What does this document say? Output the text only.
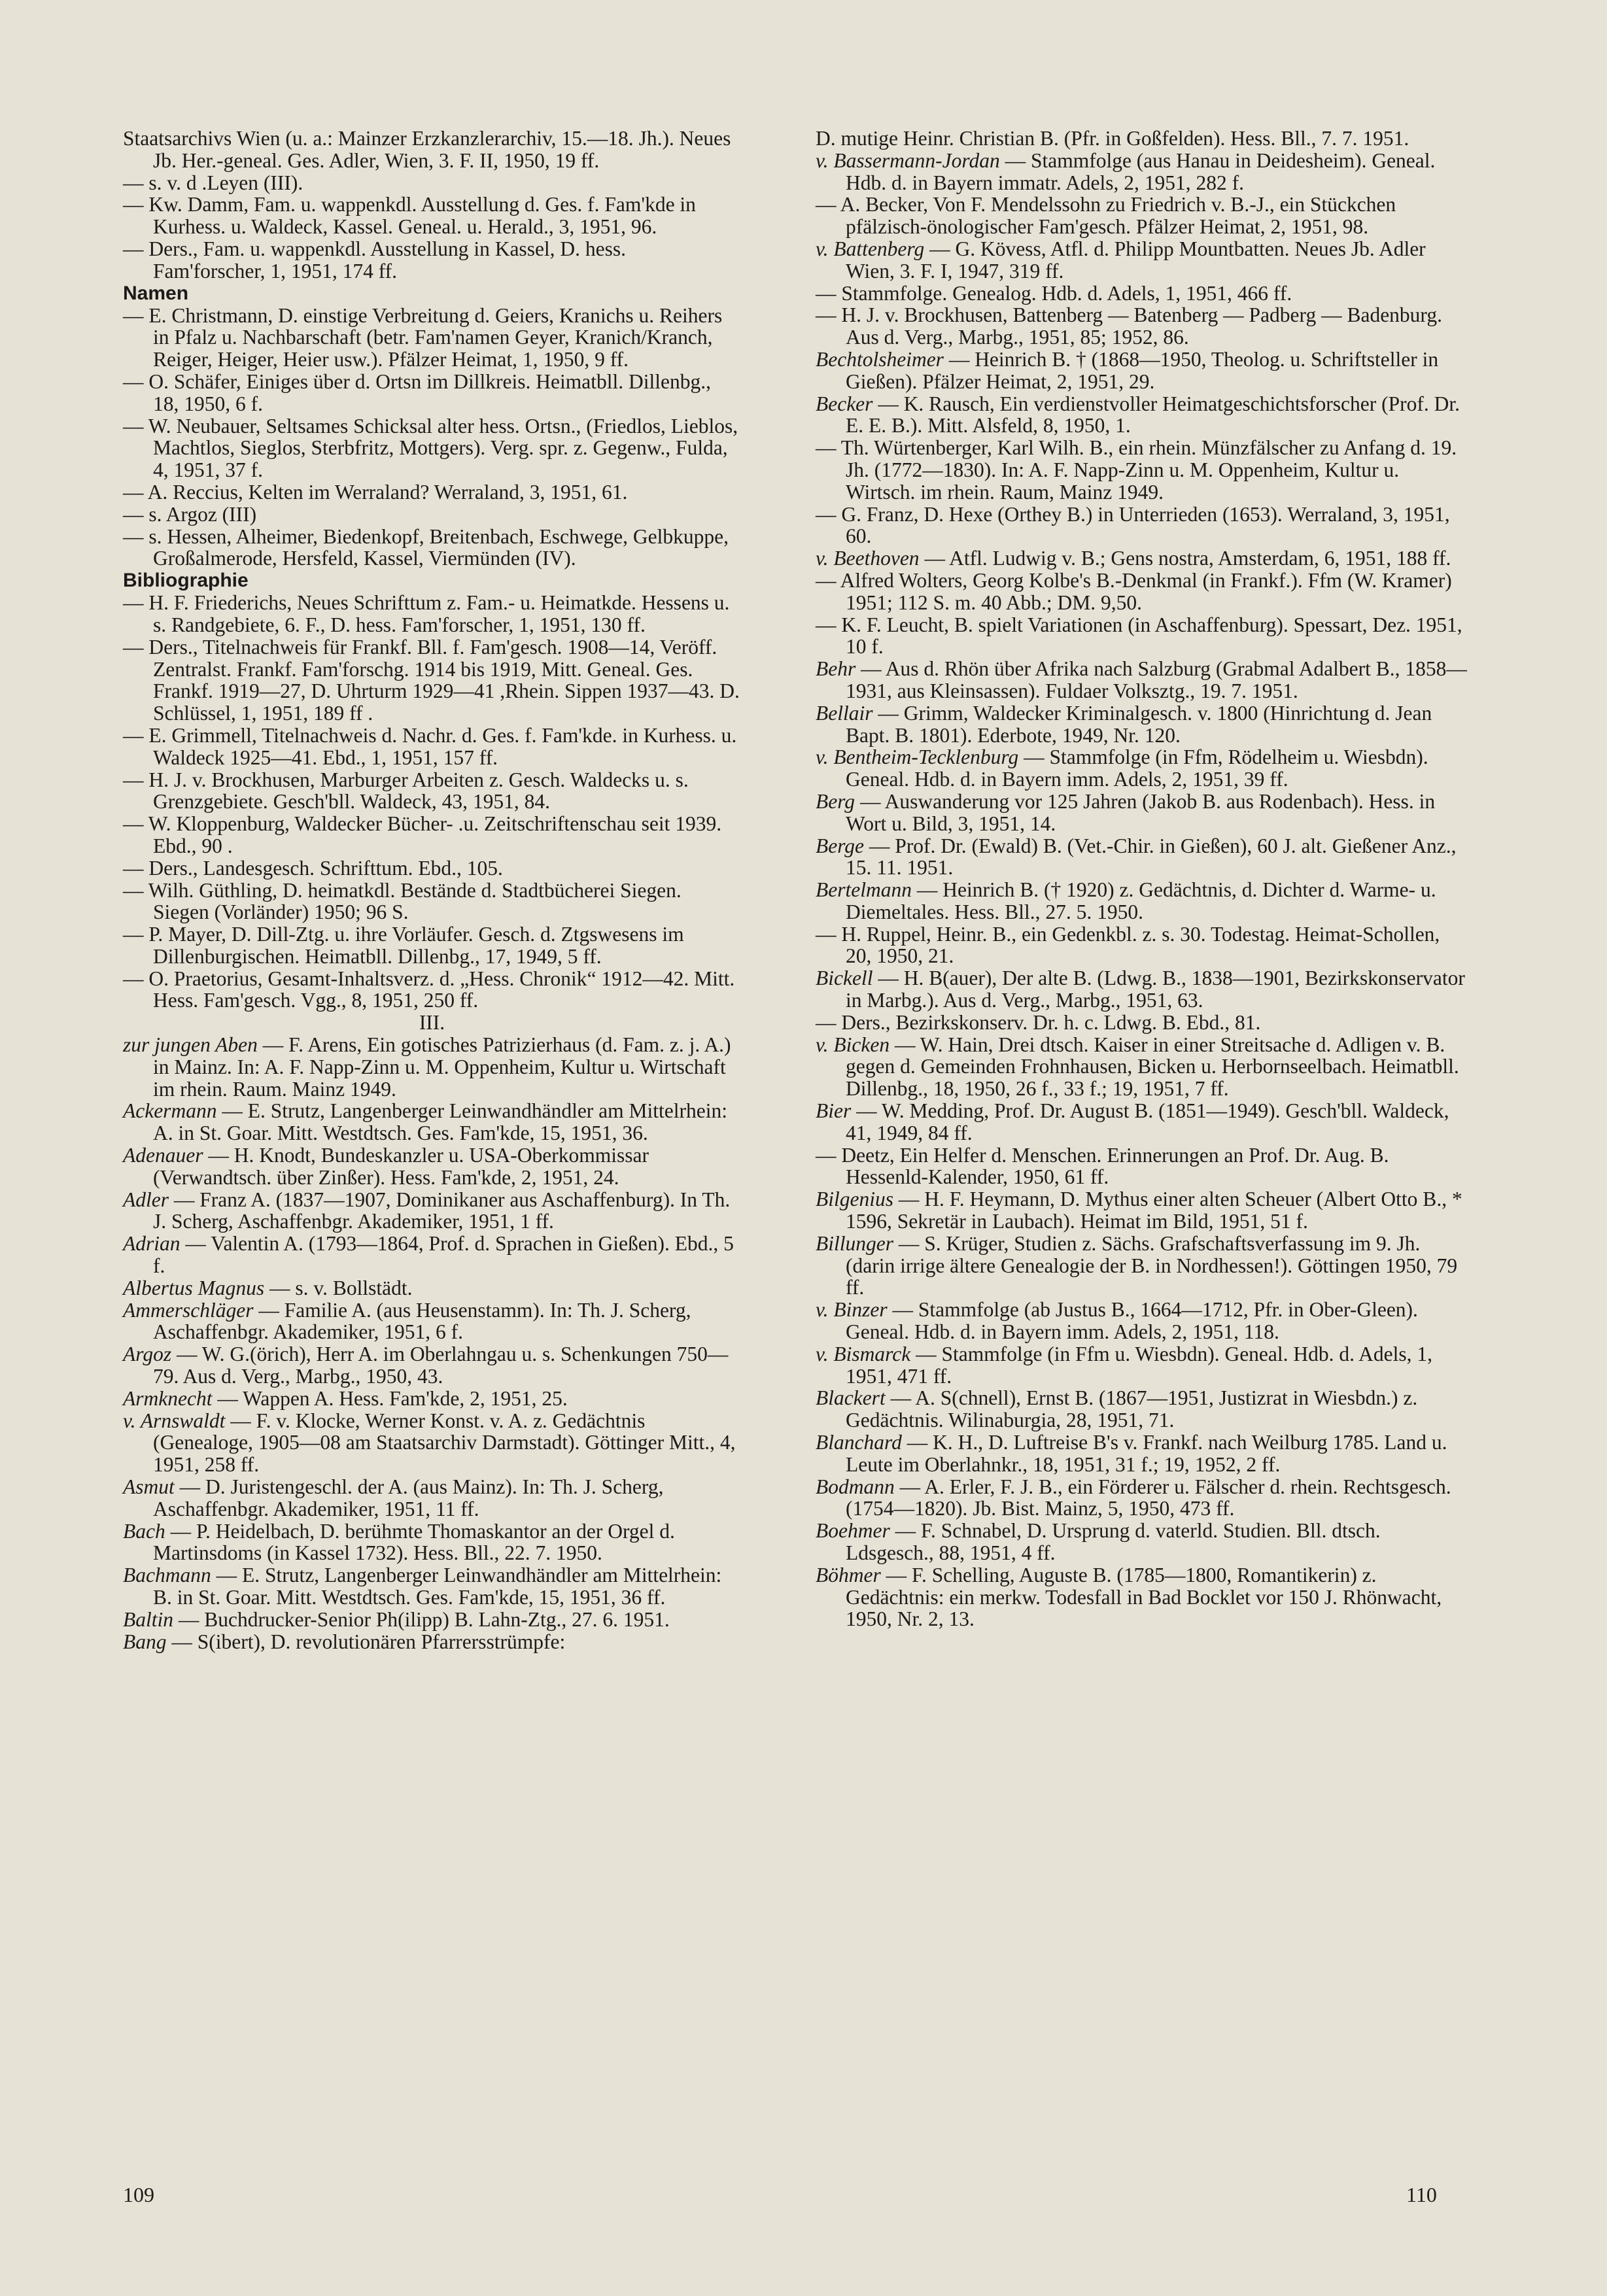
Staatsarchivs Wien (u. a.: Mainzer Erzkanzlerarchiv, 15.—18. Jh.). Neues Jb. Her.-geneal. Ges. Adler, Wien, 3. F. II, 1950, 19 ff.
— s. v. d .Leyen (III).
— Kw. Damm, Fam. u. wappenkdl. Ausstellung d. Ges. f. Fam'kde in Kurhess. u. Waldeck, Kassel. Geneal. u. Herald., 3, 1951, 96.
— Ders., Fam. u. wappenkdl. Ausstellung in Kassel, D. hess. Fam'forscher, 1, 1951, 174 ff.
Namen
— E. Christmann, D. einstige Verbreitung d. Geiers, Kranichs u. Reihers in Pfalz u. Nachbarschaft (betr. Fam'namen Geyer, Kranich/Kranch, Reiger, Heiger, Heier usw.). Pfälzer Heimat, 1, 1950, 9 ff.
— O. Schäfer, Einiges über d. Ortsn im Dillkreis. Heimatbll. Dillenbg., 18, 1950, 6 f.
— W. Neubauer, Seltsames Schicksal alter hess. Ortsn., (Friedlos, Lieblos, Machtlos, Sieglos, Sterbfritz, Mottgers). Verg. spr. z. Gegenw., Fulda, 4, 1951, 37 f.
— A. Reccius, Kelten im Werraland? Werraland, 3, 1951, 61.
— s. Argoz (III)
— s. Hessen, Alheimer, Biedenkopf, Breitenbach, Eschwege, Gelbkuppe, Großalmerode, Hersfeld, Kassel, Viermünden (IV).
Bibliographie
— H. F. Friederichs, Neues Schrifttum z. Fam.- u. Heimatkde. Hessens u. s. Randgebiete, 6. F., D. hess. Fam'forscher, 1, 1951, 130 ff.
— Ders., Titelnachweis für Frankf. Bll. f. Fam'gesch. 1908—14, Veröff. Zentralst. Frankf. Fam'forschg. 1914 bis 1919, Mitt. Geneal. Ges. Frankf. 1919—27, D. Uhrturm 1929—41 ,Rhein. Sippen 1937—43. D. Schlüssel, 1, 1951, 189 ff .
— E. Grimmell, Titelnachweis d. Nachr. d. Ges. f. Fam'kde. in Kurhess. u. Waldeck 1925—41. Ebd., 1, 1951, 157 ff.
— H. J. v. Brockhusen, Marburger Arbeiten z. Gesch. Waldecks u. s. Grenzgebiete. Gesch'bll. Waldeck, 43, 1951, 84.
— W. Kloppenburg, Waldecker Bücher- .u. Zeitschriftenschau seit 1939. Ebd., 90 .
— Ders., Landesgesch. Schrifttum. Ebd., 105.
— Wilh. Güthling, D. heimatkdl. Bestände d. Stadtbücherei Siegen. Siegen (Vorländer) 1950; 96 S.
— P. Mayer, D. Dill-Ztg. u. ihre Vorläufer. Gesch. d. Ztgswesens im Dillenburgischen. Heimatbll. Dillenbg., 17, 1949, 5 ff.
— O. Praetorius, Gesamt-Inhaltsverz. d. „Hess. Chronik“ 1912—42. Mitt. Hess. Fam'gesch. Vgg., 8, 1951, 250 ff.
III.
zur jungen Aben — F. Arens, Ein gotisches Patrizierhaus (d. Fam. z. j. A.) in Mainz. In: A. F. Napp-Zinn u. M. Oppenheim, Kultur u. Wirtschaft im rhein. Raum. Mainz 1949.
Ackermann — E. Strutz, Langenberger Leinwandhändler am Mittelrhein: A. in St. Goar. Mitt. Westdtsch. Ges. Fam'kde, 15, 1951, 36.
Adenauer — H. Knodt, Bundeskanzler u. USA-Oberkommissar (Verwandtsch. über Zinßer). Hess. Fam'kde, 2, 1951, 24.
Adler — Franz A. (1837—1907, Dominikaner aus Aschaffenburg). In Th. J. Scherg, Aschaffenbgr. Akademiker, 1951, 1 ff.
Adrian — Valentin A. (1793—1864, Prof. d. Sprachen in Gießen). Ebd., 5 f.
Albertus Magnus — s. v. Bollstädt.
Ammerschläger — Familie A. (aus Heusenstamm). In: Th. J. Scherg, Aschaffenbgr. Akademiker, 1951, 6 f.
Argoz — W. G.(örich), Herr A. im Oberlahngau u. s. Schenkungen 750—79. Aus d. Verg., Marbg., 1950, 43.
Armknecht — Wappen A. Hess. Fam'kde, 2, 1951, 25.
v. Arnswaldt — F. v. Klocke, Werner Konst. v. A. z. Gedächtnis (Genealoge, 1905—08 am Staatsarchiv Darmstadt). Göttinger Mitt., 4, 1951, 258 ff.
Asmut — D. Juristengeschl. der A. (aus Mainz). In: Th. J. Scherg, Aschaffenbgr. Akademiker, 1951, 11 ff.
Bach — P. Heidelbach, D. berühmte Thomaskantor an der Orgel d. Martinsdoms (in Kassel 1732). Hess. Bll., 22. 7. 1950.
Bachmann — E. Strutz, Langenberger Leinwandhändler am Mittelrhein: B. in St. Goar. Mitt. Westdtsch. Ges. Fam'kde, 15, 1951, 36 ff.
Baltin — Buchdrucker-Senior Ph(ilipp) B. Lahn-Ztg., 27. 6. 1951.
Bang — S(ibert), D. revolutionären Pfarrersstrümpfe:
D. mutige Heinr. Christian B. (Pfr. in Goßfelden). Hess. Bll., 7. 7. 1951.
v. Bassermann-Jordan — Stammfolge (aus Hanau in Deidesheim). Geneal. Hdb. d. in Bayern immatr. Adels, 2, 1951, 282 f.
— A. Becker, Von F. Mendelssohn zu Friedrich v. B.-J., ein Stückchen pfälzisch-önologischer Fam'gesch. Pfälzer Heimat, 2, 1951, 98.
v. Battenberg — G. Kövess, Atfl. d. Philipp Mountbatten. Neues Jb. Adler Wien, 3. F. I, 1947, 319 ff.
— Stammfolge. Genealog. Hdb. d. Adels, 1, 1951, 466 ff.
— H. J. v. Brockhusen, Battenberg — Batenberg — Padberg — Badenburg. Aus d. Verg., Marbg., 1951, 85; 1952, 86.
Bechtolsheimer — Heinrich B. † (1868—1950, Theolog. u. Schriftsteller in Gießen). Pfälzer Heimat, 2, 1951, 29.
Becker — K. Rausch, Ein verdienstvoller Heimatgeschichtsforscher (Prof. Dr. E. E. B.). Mitt. Alsfeld, 8, 1950, 1.
— Th. Würtenberger, Karl Wilh. B., ein rhein. Münzfälscher zu Anfang d. 19. Jh. (1772—1830). In: A. F. Napp-Zinn u. M. Oppenheim, Kultur u. Wirtsch. im rhein. Raum, Mainz 1949.
— G. Franz, D. Hexe (Orthey B.) in Unterrieden (1653). Werraland, 3, 1951, 60.
v. Beethoven — Atfl. Ludwig v. B.; Gens nostra, Amsterdam, 6, 1951, 188 ff.
— Alfred Wolters, Georg Kolbe's B.-Denkmal (in Frankf.). Ffm (W. Kramer) 1951; 112 S. m. 40 Abb.; DM. 9,50.
— K. F. Leucht, B. spielt Variationen (in Aschaffenburg). Spessart, Dez. 1951, 10 f.
Behr — Aus d. Rhön über Afrika nach Salzburg (Grabmal Adalbert B., 1858—1931, aus Kleinsassen). Fuldaer Volksztg., 19. 7. 1951.
Bellair — Grimm, Waldecker Kriminalgesch. v. 1800 (Hinrichtung d. Jean Bapt. B. 1801). Ederbote, 1949, Nr. 120.
v. Bentheim-Tecklenburg — Stammfolge (in Ffm, Rödelheim u. Wiesbdn). Geneal. Hdb. d. in Bayern imm. Adels, 2, 1951, 39 ff.
Berg — Auswanderung vor 125 Jahren (Jakob B. aus Rodenbach). Hess. in Wort u. Bild, 3, 1951, 14.
Berge — Prof. Dr. (Ewald) B. (Vet.-Chir. in Gießen), 60 J. alt. Gießener Anz., 15. 11. 1951.
Bertelmann — Heinrich B. († 1920) z. Gedächtnis, d. Dichter d. Warme- u. Diemeltales. Hess. Bll., 27. 5. 1950.
— H. Ruppel, Heinr. B., ein Gedenkbl. z. s. 30. Todestag. Heimat-Schollen, 20, 1950, 21.
Bickell — H. B(auer), Der alte B. (Ldwg. B., 1838—1901, Bezirkskonservator in Marbg.). Aus d. Verg., Marbg., 1951, 63.
— Ders., Bezirkskonserv. Dr. h. c. Ldwg. B. Ebd., 81.
v. Bicken — W. Hain, Drei dtsch. Kaiser in einer Streitsache d. Adligen v. B. gegen d. Gemeinden Frohnhausen, Bicken u. Herbornseelbach. Heimatbll. Dillenbg., 18, 1950, 26 f., 33 f.; 19, 1951, 7 ff.
Bier — W. Medding, Prof. Dr. August B. (1851—1949). Gesch'bll. Waldeck, 41, 1949, 84 ff.
— Deetz, Ein Helfer d. Menschen. Erinnerungen an Prof. Dr. Aug. B. Hessenld-Kalender, 1950, 61 ff.
Bilgenius — H. F. Heymann, D. Mythus einer alten Scheuer (Albert Otto B., * 1596, Sekretär in Laubach). Heimat im Bild, 1951, 51 f.
Billunger — S. Krüger, Studien z. Sächs. Grafschaftsverfassung im 9. Jh. (darin irrige ältere Genealogie der B. in Nordhessen!). Göttingen 1950, 79 ff.
v. Binzer — Stammfolge (ab Justus B., 1664—1712, Pfr. in Ober-Gleen). Geneal. Hdb. d. in Bayern imm. Adels, 2, 1951, 118.
v. Bismarck — Stammfolge (in Ffm u. Wiesbdn). Geneal. Hdb. d. Adels, 1, 1951, 471 ff.
Blackert — A. S(chnell), Ernst B. (1867—1951, Justizrat in Wiesbdn.) z. Gedächtnis. Wilinaburgia, 28, 1951, 71.
Blanchard — K. H., D. Luftreise B's v. Frankf. nach Weilburg 1785. Land u. Leute im Oberlahnkr., 18, 1951, 31 f.; 19, 1952, 2 ff.
Bodmann — A. Erler, F. J. B., ein Förderer u. Fälscher d. rhein. Rechtsgesch. (1754—1820). Jb. Bist. Mainz, 5, 1950, 473 ff.
Boehmer — F. Schnabel, D. Ursprung d. vaterld. Studien. Bll. dtsch. Ldsgesch., 88, 1951, 4 ff.
Böhmer — F. Schelling, Auguste B. (1785—1800, Romantikerin) z. Gedächtnis: ein merkw. Todesfall in Bad Bocklet vor 150 J. Rhönwacht, 1950, Nr. 2, 13.
109	110
